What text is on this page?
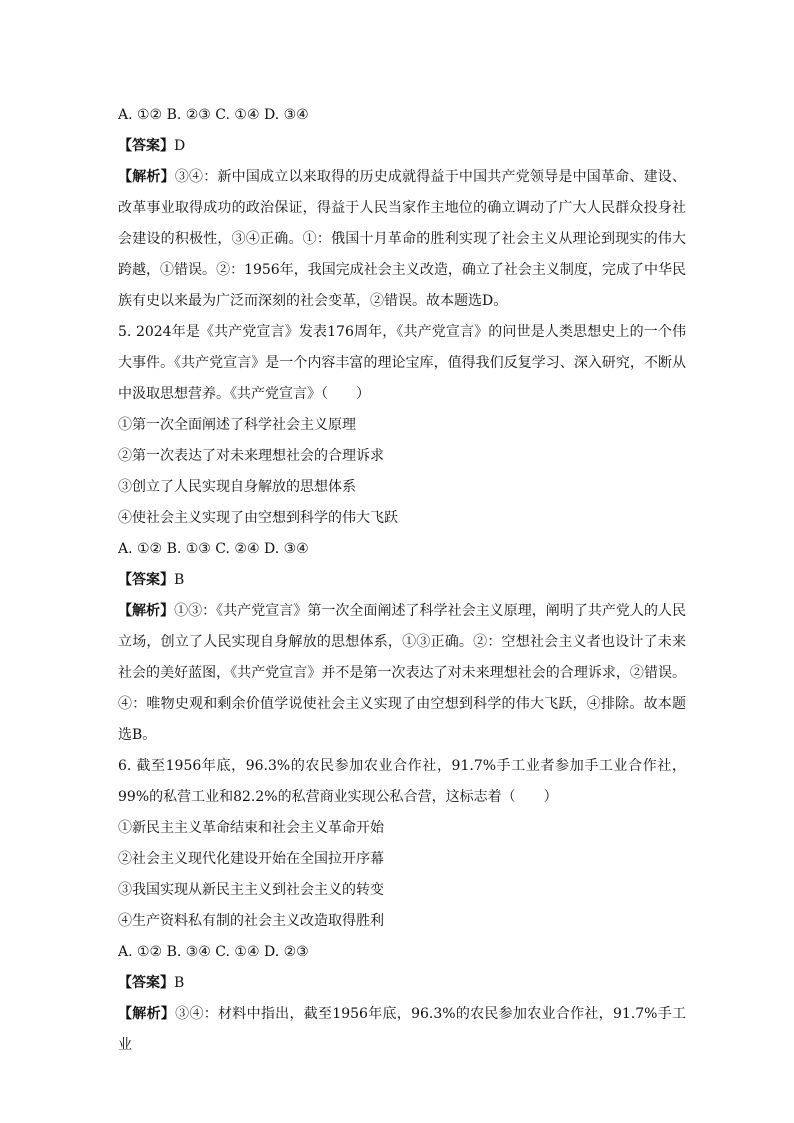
A. ①② B. ②③ C. ①④ D. ③④
【答案】D

【解析】③④：新中国成立以来取得的历史成就得益于中国共产党领导是中国革命、建设、改革事业取得成功的政治保证，得益于人民当家作主地位的确立调动了广大人民群众投身社会建设的积极性，③④正确。①：俄国十月革命的胜利实现了社会主义从理论到现实的伟大跨越，①错误。②：1956年，我国完成社会主义改造，确立了社会主义制度，完成了中华民族有史以来最为广泛而深刻的社会变革，②错误。故本题选D。

5. 2024年是《共产党宣言》发表176周年，《共产党宣言》的问世是人类思想史上的一个伟大事件。《共产党宣言》是一个内容丰富的理论宝库，值得我们反复学习、深入研究，不断从中汲取思想营养。《共产党宣言》（　　）

①第一次全面阐述了科学社会主义原理
②第一次表达了对未来理想社会的合理诉求
③创立了人民实现自身解放的思想体系
④使社会主义实现了由空想到科学的伟大飞跃
A. ①② B. ①③ C. ②④ D. ③④
【答案】B

【解析】①③：《共产党宣言》第一次全面阐述了科学社会主义原理，阐明了共产党人的人民立场，创立了人民实现自身解放的思想体系，①③正确。②：空想社会主义者也设计了未来社会的美好蓝图，《共产党宣言》并不是第一次表达了对未来理想社会的合理诉求，②错误。④：唯物史观和剩余价值学说使社会主义实现了由空想到科学的伟大飞跃，④排除。故本题选B。

6. 截至1956年底，96.3%的农民参加农业合作社，91.7%手工业者参加手工业合作社，99%的私营工业和82.2%的私营商业实现公私合营，这标志着（　　）

①新民主主义革命结束和社会主义革命开始
②社会主义现代化建设开始在全国拉开序幕
③我国实现从新民主主义到社会主义的转变
④生产资料私有制的社会主义改造取得胜利
A. ①② B. ③④ C. ①④ D. ②③
【答案】B

【解析】③④：材料中指出，截至1956年底，96.3%的农民参加农业合作社，91.7%手工业
